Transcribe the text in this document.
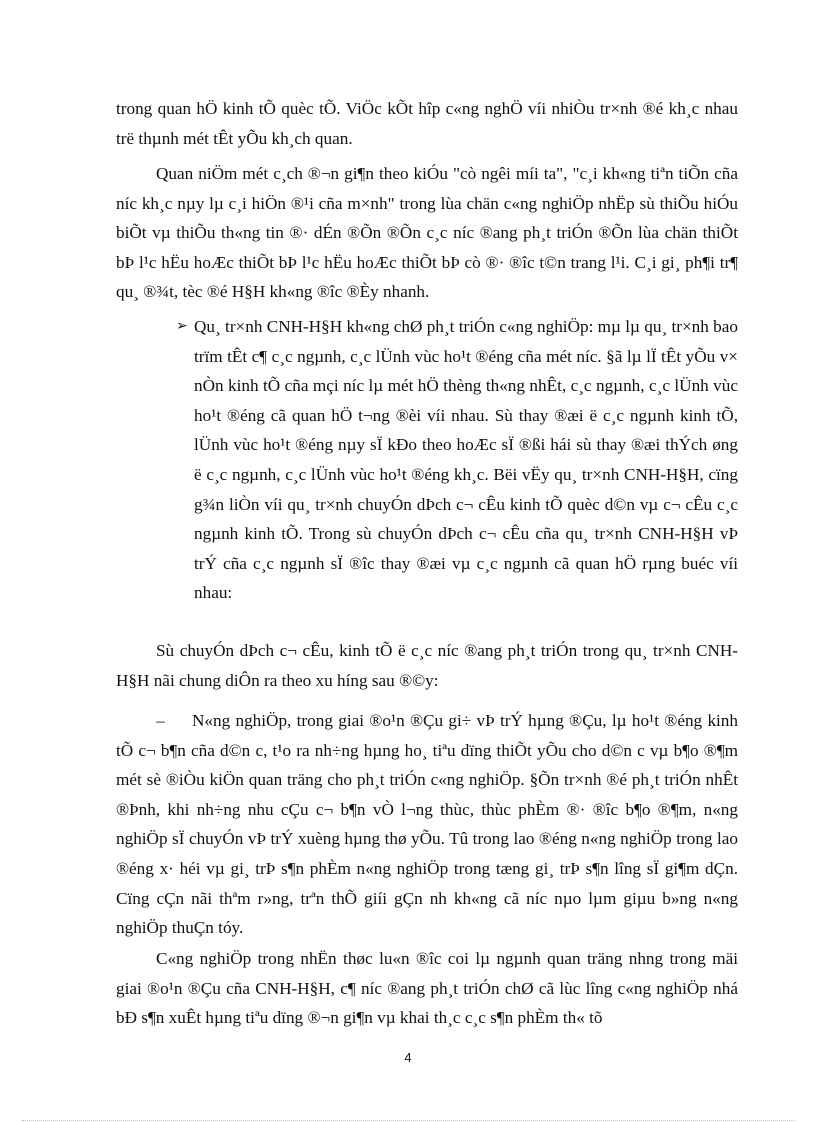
trong quan hÖ kinh tÕ quèc tÕ. ViÖc kÕt hîp c«ng nghÖ víi nhiÒu tr×nh ®é kh¸c nhau trë thµnh mét tÊt yÕu kh¸ch quan.
Quan niÖm mét c¸ch ®¬n gi¶n theo kiÓu "cò ngêi míi ta", "c¸i kh«ng tiªn tiÕn cña níc kh¸c nµy lµ c¸i hiÖn ®¹i cña m×nh" trong lùa chän c«ng nghiÖp nhËp sù thiÕu hiÓu biÕt vµ thiÕu th«ng tin ®· dÉn ®Õn ®Õn c¸c níc ®ang ph¸t triÓn ®Õn lùa chän thiÕt bÞ l¹c hËu hoÆc thiÕt bÞ l¹c hËu hoÆc thiÕt bÞ cò ®· ®îc t©n trang l¹i. C¸i gi¸ ph¶i tr¶ qu¸ ®¾t, tèc ®é H§H kh«ng ®îc ®Èy nhanh.
➢ Qu¸ tr×nh CNH-H§H kh«ng chØ ph¸t triÓn c«ng nghiÖp: mµ lµ qu¸ tr×nh bao trïm tÊt c¶ c¸c ngµnh, c¸c lÜnh vùc ho¹t ®éng cña mét níc. §ã lµ lÏ tÊt yÕu v× nÒn kinh tÕ cña mçi níc lµ mét hÖ thèng th«ng nhÊt, c¸c ngµnh, c¸c lÜnh vùc ho¹t ®éng cã quan hÖ t¬ng ®èi víi nhau. Sù thay ®æi ë c¸c ngµnh kinh tÕ, lÜnh vùc ho¹t ®éng nµy sÏ kÐo theo hoÆc sÏ ®ßi hái sù thay ®æi thÝch øng ë c¸c ngµnh, c¸c lÜnh vùc ho¹t ®éng kh¸c. Bëi vËy qu¸ tr×nh CNH-H§H, cïng g¾n liÒn víi qu¸ tr×nh chuyÓn dÞch c¬ cÊu kinh tÕ quèc d©n vµ c¬ cÊu c¸c ngµnh kinh tÕ. Trong sù chuyÓn dÞch c¬ cÊu cña qu¸ tr×nh CNH-H§H vÞ trÝ cña c¸c ngµnh sÏ ®îc thay ®æi vµ c¸c ngµnh cã quan hÖ rµng buéc víi nhau:
Sù chuyÓn dÞch c¬ cÊu, kinh tÕ ë c¸c níc ®ang ph¸t triÓn trong qu¸ tr×nh CNH-H§H nãi chung diÔn ra theo xu híng sau ®©y:
– N«ng nghiÖp, trong giai ®o¹n ®Çu gi÷ vÞ trÝ hµng ®Çu, lµ ho¹t ®éng kinh tÕ c¬ b¶n cña d©n c, t¹o ra nh÷ng hµng ho¸ tiªu dïng thiÕt yÕu cho d©n c vµ b¶o ®¶m mét sè ®iÒu kiÖn quan träng cho ph¸t triÓn c«ng nghiÖp. §Õn tr×nh ®é ph¸t triÓn nhÊt ®Þnh, khi nh÷ng nhu cÇu c¬ b¶n vÒ l¬ng thùc, thùc phÈm ®· ®îc b¶o ®¶m, n«ng nghiÖp sÏ chuyÓn vÞ trÝ xuèng hµng thø yÕu. Tû trong lao ®éng n«ng nghiÖp trong lao ®éng x· héi vµ gi¸ trÞ s¶n phÈm n«ng nghiÖp trong tæng gi¸ trÞ s¶n lîng sÏ gi¶m dÇn. Cïng cÇn nãi thªm r»ng, trªn thÕ giíi gÇn nh kh«ng cã níc nµo lµm giµu b»ng n«ng nghiÖp thuÇn tóy.
C«ng nghiÖp trong nhËn thøc lu«n ®îc coi lµ ngµnh quan träng nhng trong mäi giai ®o¹n ®Çu cña CNH-H§H, c¶ níc ®ang ph¸t triÓn chØ cã lùc lîng c«ng nghiÖp nhá bÐ s¶n xuÊt hµng tiªu dïng ®¬n gi¶n vµ khai th¸c c¸c s¶n phÈm th« tõ
4
